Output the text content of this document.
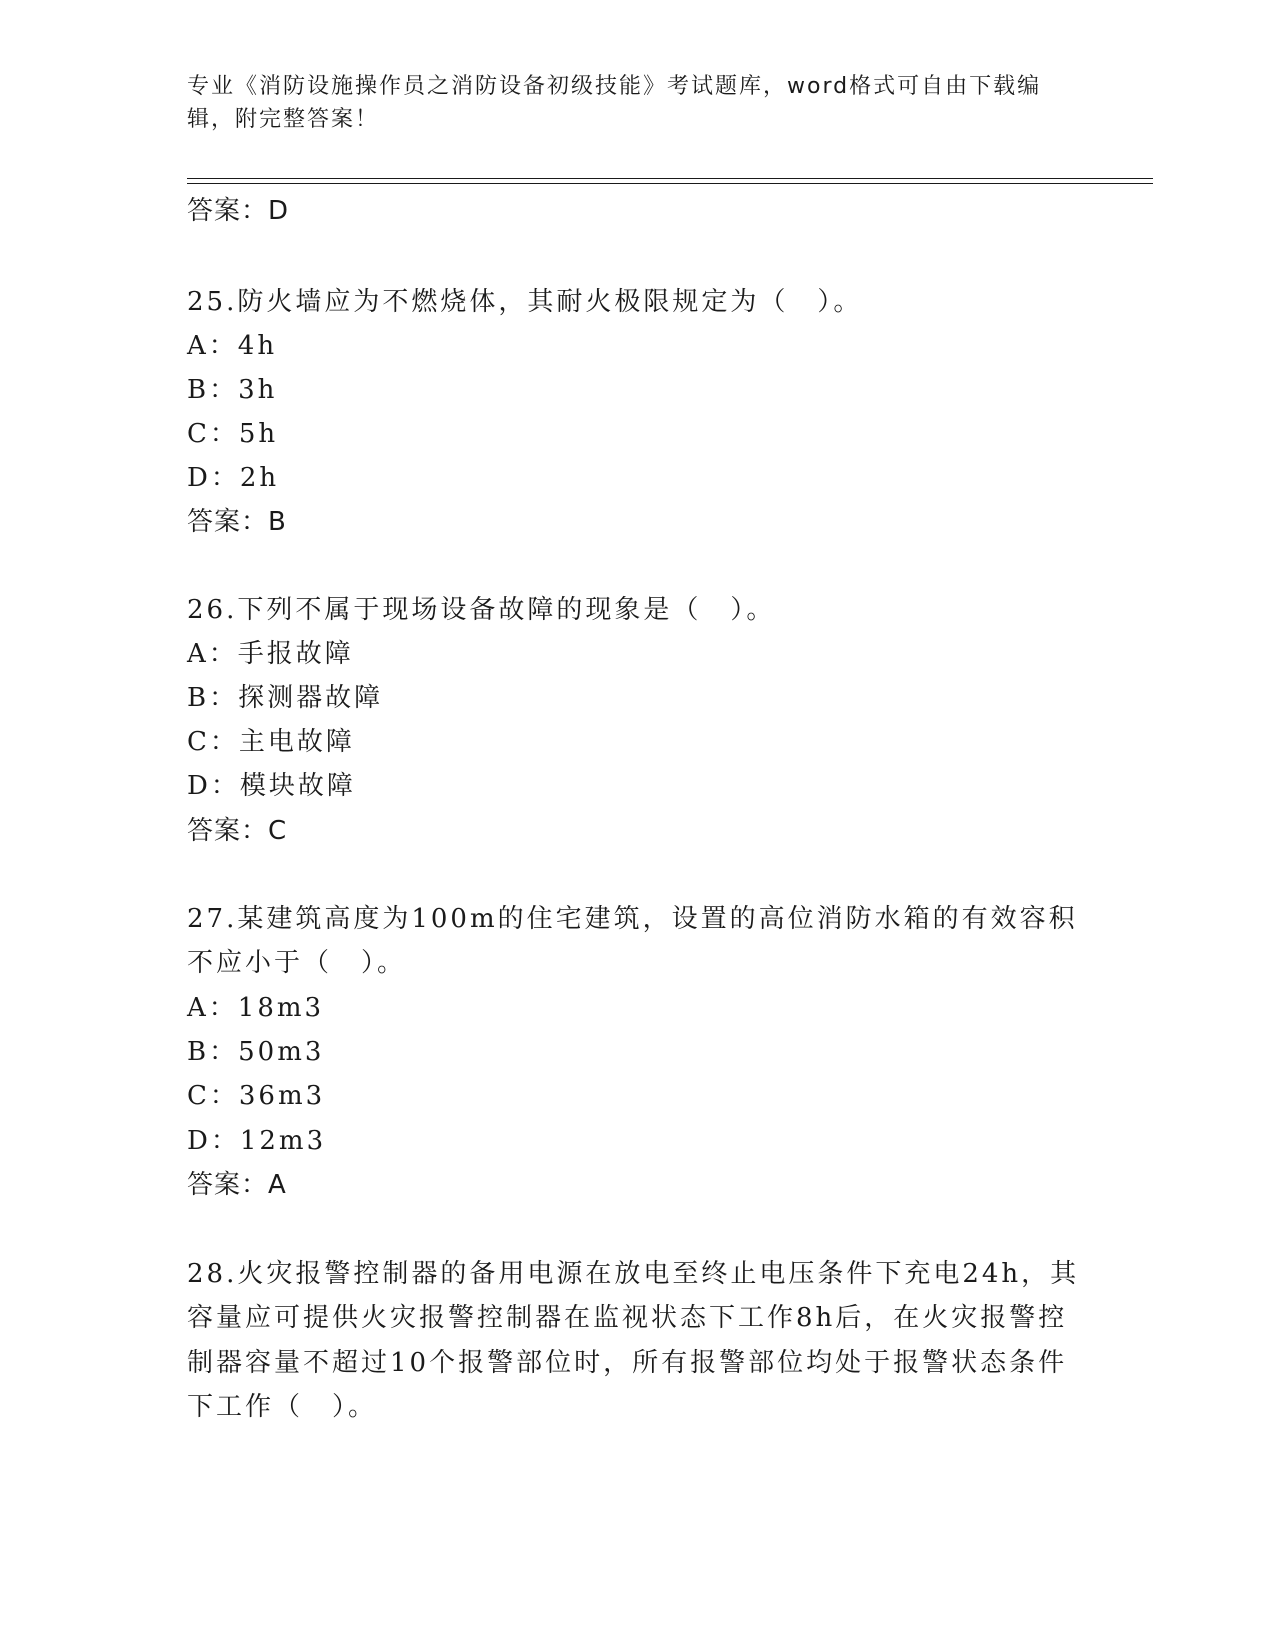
专业《消防设施操作员之消防设备初级技能》考试题库，word格式可自由下载编
辑，附完整答案！
答案：D
25.防火墙应为不燃烧体，其耐火极限规定为（　）。
A：4h
B：3h
C：5h
D：2h
答案：B
26.下列不属于现场设备故障的现象是（　）。
A：手报故障
B：探测器故障
C：主电故障
D：模块故障
答案：C
27.某建筑高度为100m的住宅建筑，设置的高位消防水箱的有效容积
不应小于（　）。
A：18m3
B：50m3
C：36m3
D：12m3
答案：A
28.火灾报警控制器的备用电源在放电至终止电压条件下充电24h，其
容量应可提供火灾报警控制器在监视状态下工作8h后，在火灾报警控
制器容量不超过10个报警部位时，所有报警部位均处于报警状态条件
下工作（　）。
